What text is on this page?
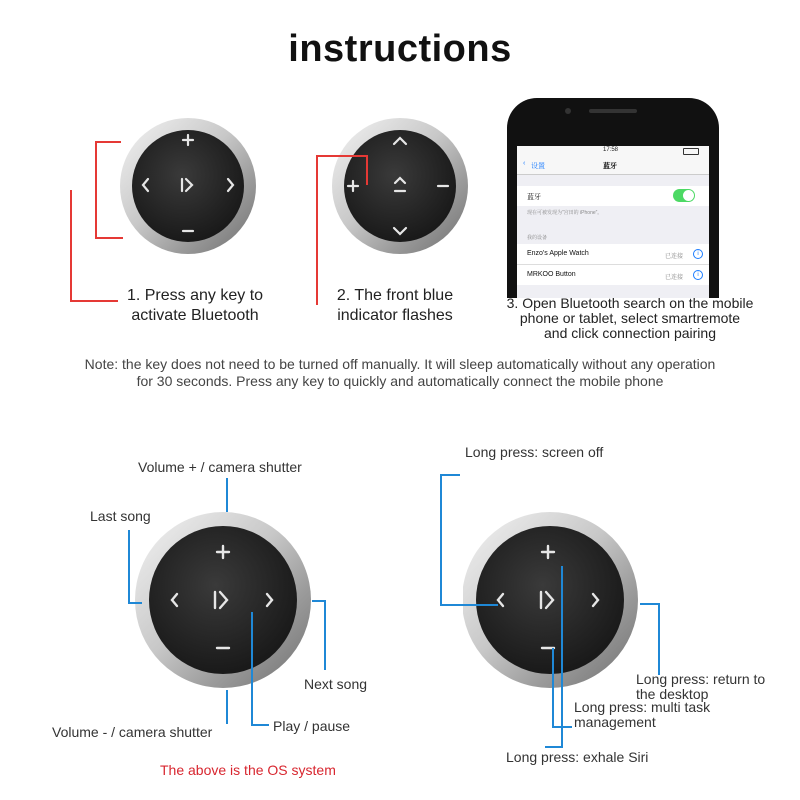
instructions
17:58
‹ 设置	蓝牙
蓝牙
现在可被发现为“宫田的 iPhone”。
我的设备
Enzo's Apple Watch	已连接	i
MRKOO Button	已连接	i
1. Press any key to
activate Bluetooth
2. The front blue
indicator flashes
3. Open Bluetooth search on the mobile
phone or tablet, select smartremote
and click connection pairing
Note: the key does not need to be turned off manually. It will sleep automatically without any operation
for 30 seconds. Press any key to quickly and automatically connect the mobile phone
Volume + / camera shutter
Last song
Next song
Volume - / camera shutter	Play / pause
The above is the OS system
Long press: screen off
Long press: return to
the desktop
Long press: multi task
management
Long press: exhale Siri
